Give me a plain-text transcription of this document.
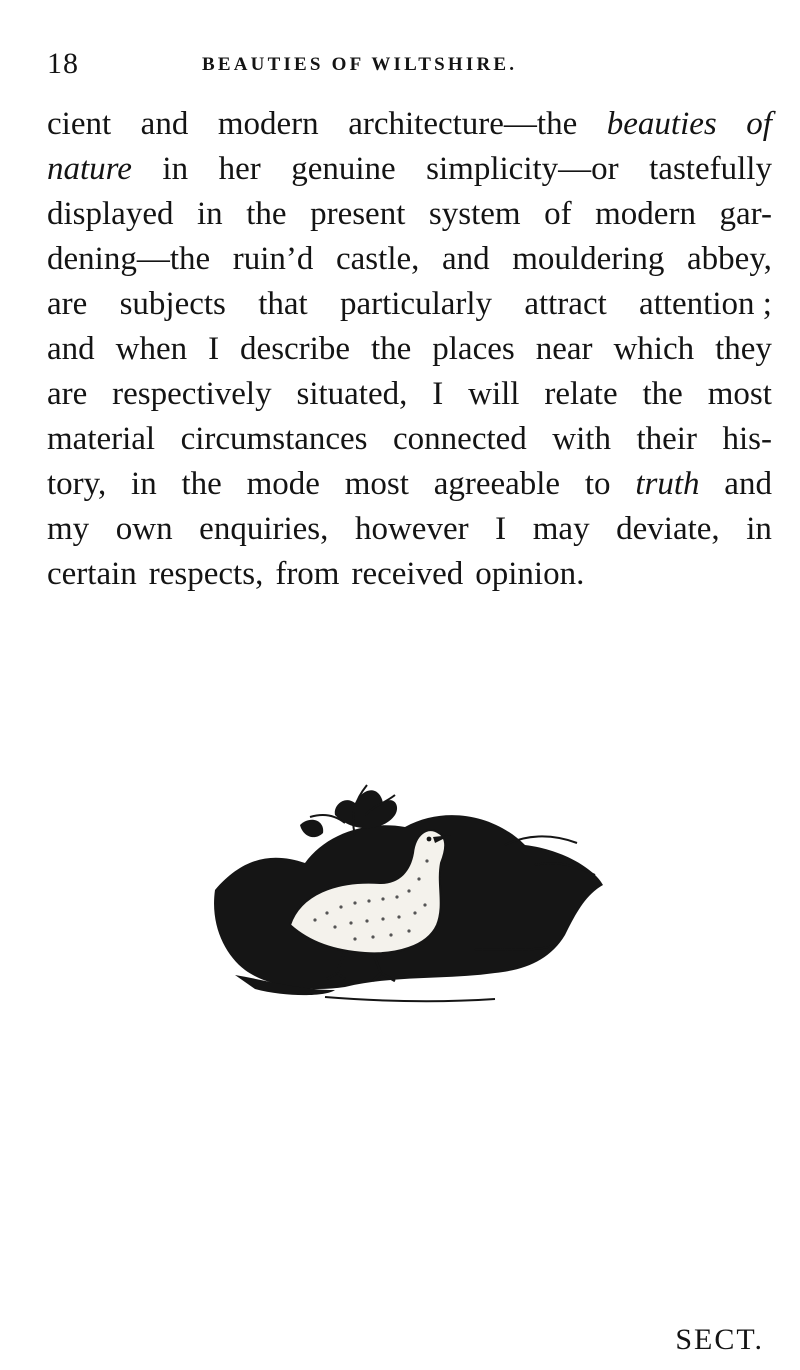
18	BEAUTIES OF WILTSHIRE.
cient and modern architecture—the beauties of
nature in her genuine simplicity—or tastefully
displayed in the present system of modern gar-
dening—the ruin’d castle, and mouldering abbey,
are subjects that particularly attract attention ;
and when I describe the places near which they
are respectively situated, I will relate the most
material circumstances connected with their his-
tory, in the mode most agreeable to truth and
my own enquiries, however I may deviate, in
certain respects, from received opinion.
SECT.
